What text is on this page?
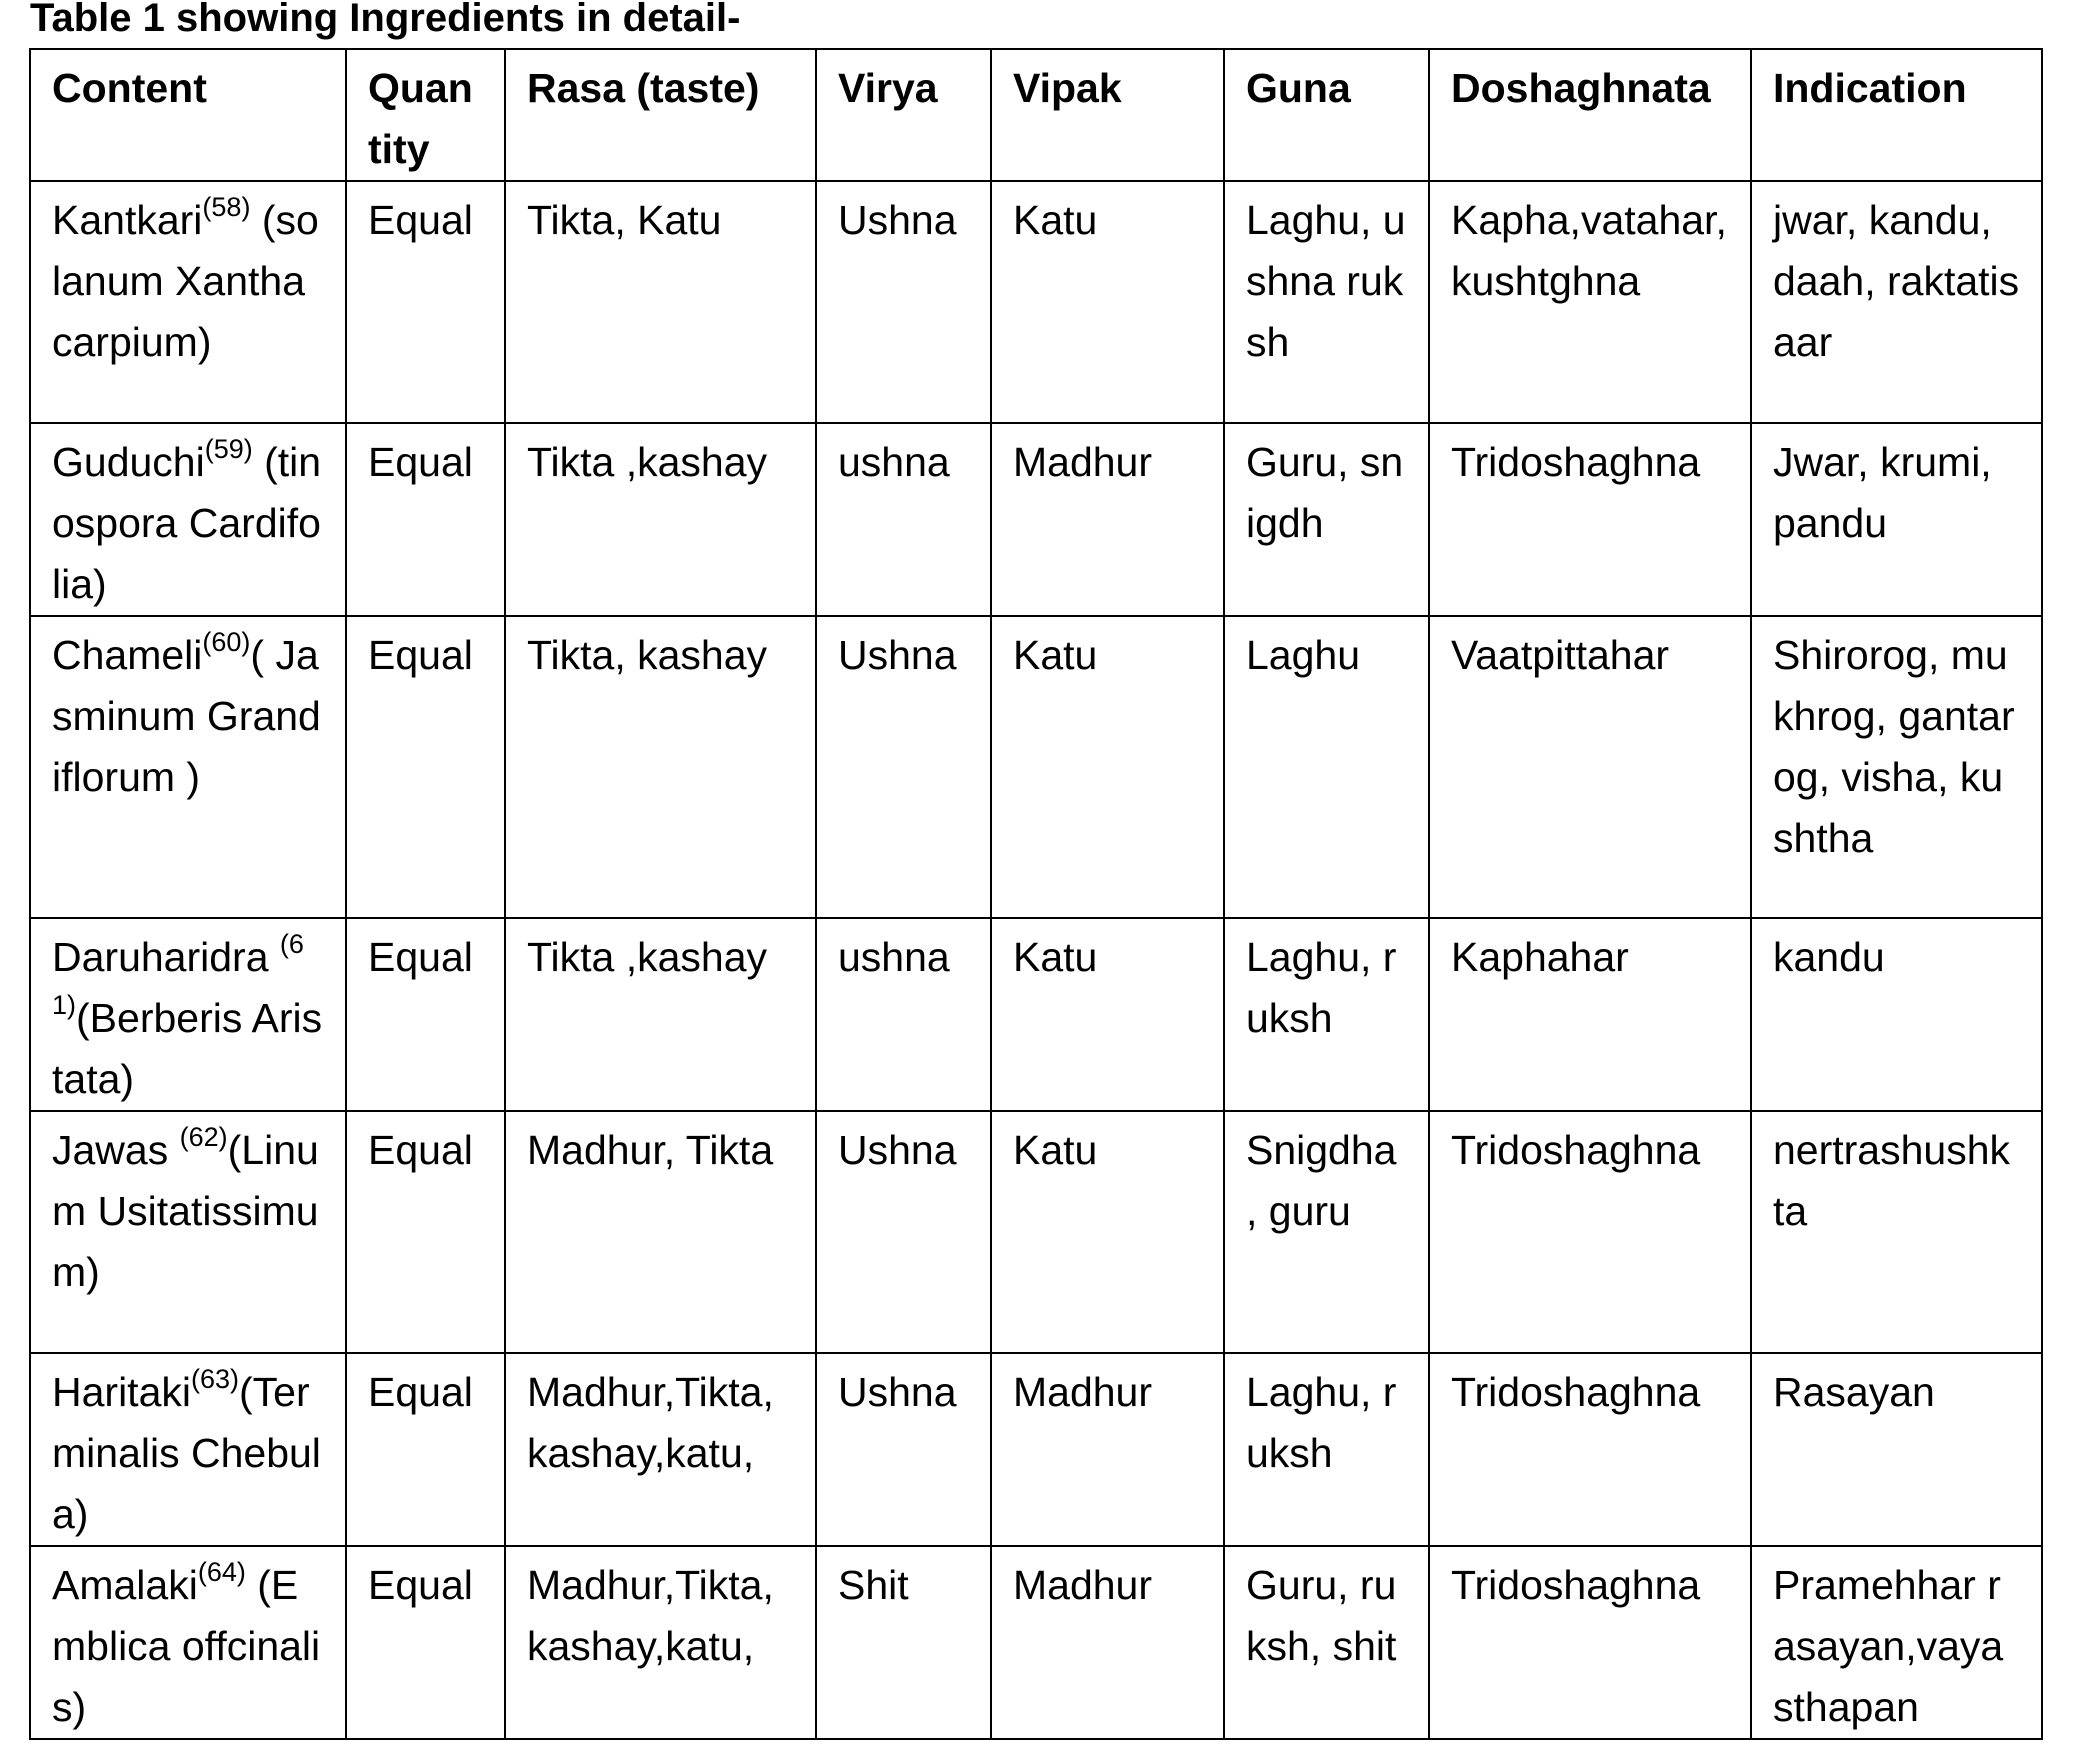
Table 1 showing Ingredients in detail-

Content	Quantity	Rasa (taste)	Virya	Vipak	Guna	Doshaghnata	Indication
Kantkari$^{(58)}$ (solanum Xanthacarpium)	Equal	Tikta, Katu	Ushna	Katu	Laghu, ushna ruksh	Kapha,vatahar, kushtghna	jwar, kandu, daah, raktatisaar
Guduchi$^{(59)}$ (tinospora Cardifolia)	Equal	Tikta ,kashay	ushna	Madhur	Guru, snigdh	Tridoshaghna	Jwar, krumi, pandu
Chameli$^{(60)}$( Jasminum Grandiflorum )	Equal	Tikta, kashay	Ushna	Katu	Laghu	Vaatpittahar	Shirorog, mukhrog, gantarog, visha, kushtha
Daruharidra $^{(61)}$(Berberis Aristata)	Equal	Tikta ,kashay	ushna	Katu	Laghu, ruksh	Kaphahar	kandu
Jawas $^{(62)}$(Linum Usitatissimum)	Equal	Madhur, Tikta	Ushna	Katu	Snigdha , guru	Tridoshaghna	nertrashushkta
Haritaki$^{(63)}$(Terminalis Chebula)	Equal	Madhur,Tikta,kashay,katu,	Ushna	Madhur	Laghu, ruksh	Tridoshaghna	Rasayan
Amalaki$^{(64)}$ (Emblica offcinalis)	Equal	Madhur,Tikta,kashay,katu,	Shit	Madhur	Guru, ruksh, shit	Tridoshaghna	Pramehhar rasayan,vayasthapan
